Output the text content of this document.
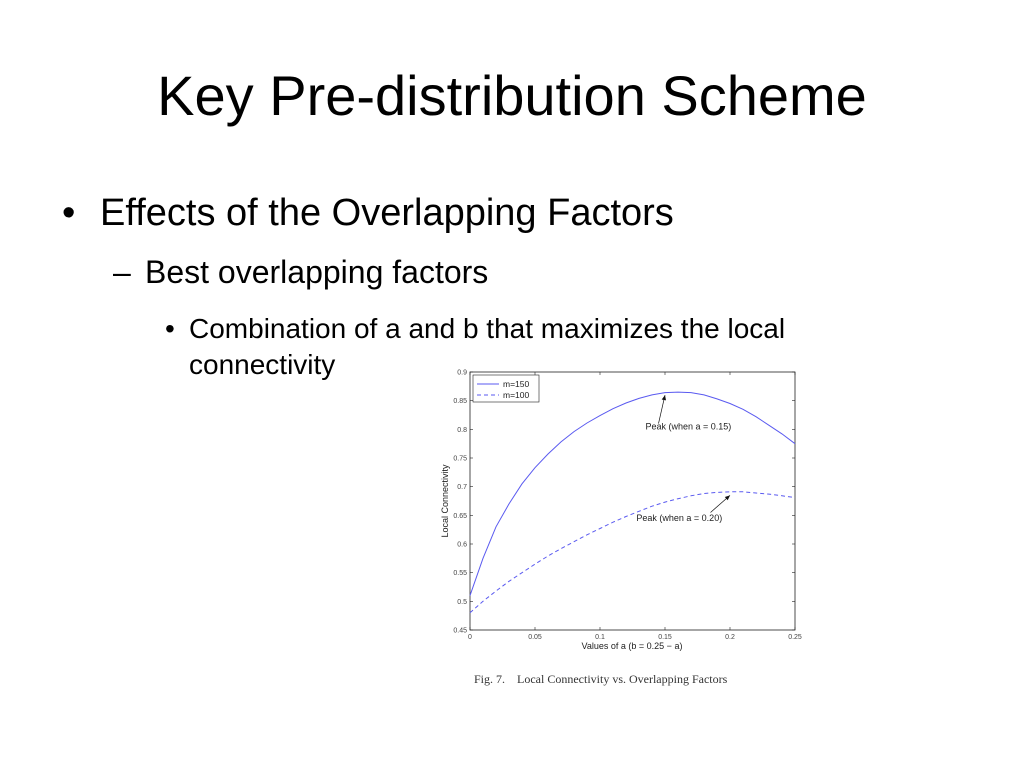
Key Pre-distribution Scheme
• Effects of the Overlapping Factors
– Best overlapping factors
• Combination of a and b that maximizes the local connectivity
0.45
0.5
0.55
0.6
0.65
0.7
0.75
0.8
0.85
0.9
0	0.05	0.1	0.15	0.2	0.25
Peak (when a = 0.15)
Peak (when a = 0.20)
m=150
m=100
Values of a (b = 0.25 − a)
Local Connectivity
Fig. 7.    Local Connectivity vs. Overlapping Factors
